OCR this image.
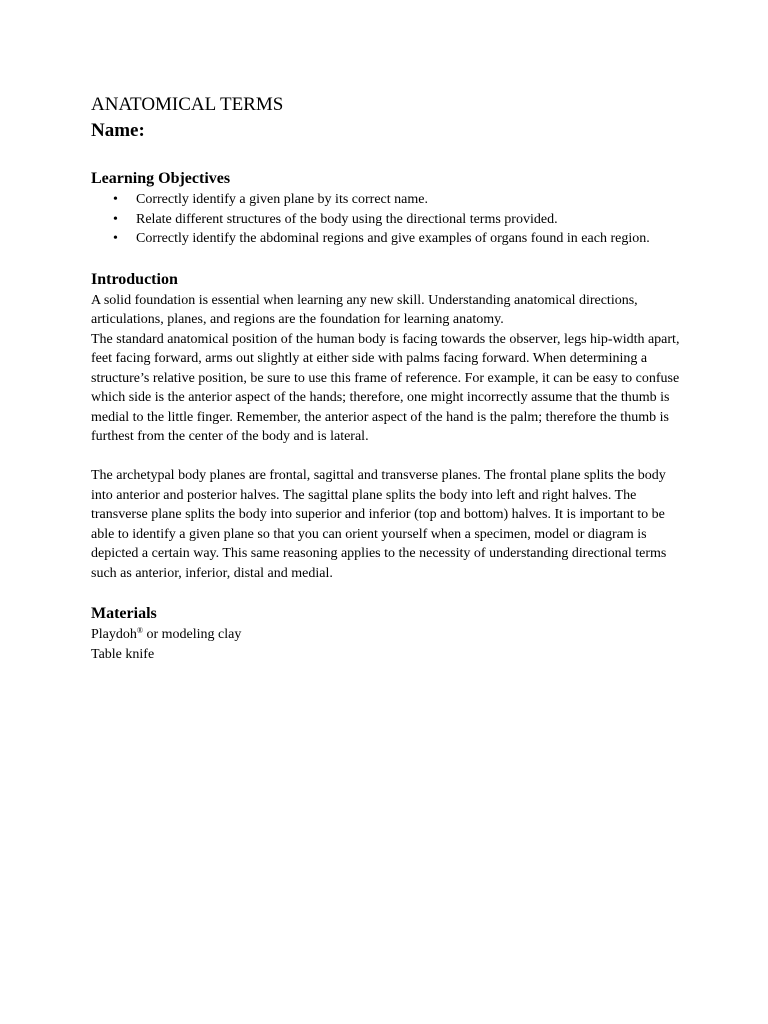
ANATOMICAL TERMS

Name:

Learning Objectives
• Correctly identify a given plane by its correct name.
• Relate different structures of the body using the directional terms provided.
• Correctly identify the abdominal regions and give examples of organs found in each region.
Introduction

A solid foundation is essential when learning any new skill. Understanding anatomical directions, articulations, planes, and regions are the foundation for learning anatomy.

The standard anatomical position of the human body is facing towards the observer, legs hip-width apart, feet facing forward, arms out slightly at either side with palms facing forward. When determining a structure’s relative position, be sure to use this frame of reference. For example, it can be easy to confuse which side is the anterior aspect of the hands; therefore, one might incorrectly assume that the thumb is medial to the little finger. Remember, the anterior aspect of the hand is the palm; therefore the thumb is furthest from the center of the body and is lateral.

The archetypal body planes are frontal, sagittal and transverse planes. The frontal plane splits the body into anterior and posterior halves. The sagittal plane splits the body into left and right halves. The transverse plane splits the body into superior and inferior (top and bottom) halves. It is important to be able to identify a given plane so that you can orient yourself when a specimen, model or diagram is depicted a certain way. This same reasoning applies to the necessity of understanding directional terms such as anterior, inferior, distal and medial.

Materials

Playdoh® or modeling clay

Table knife
